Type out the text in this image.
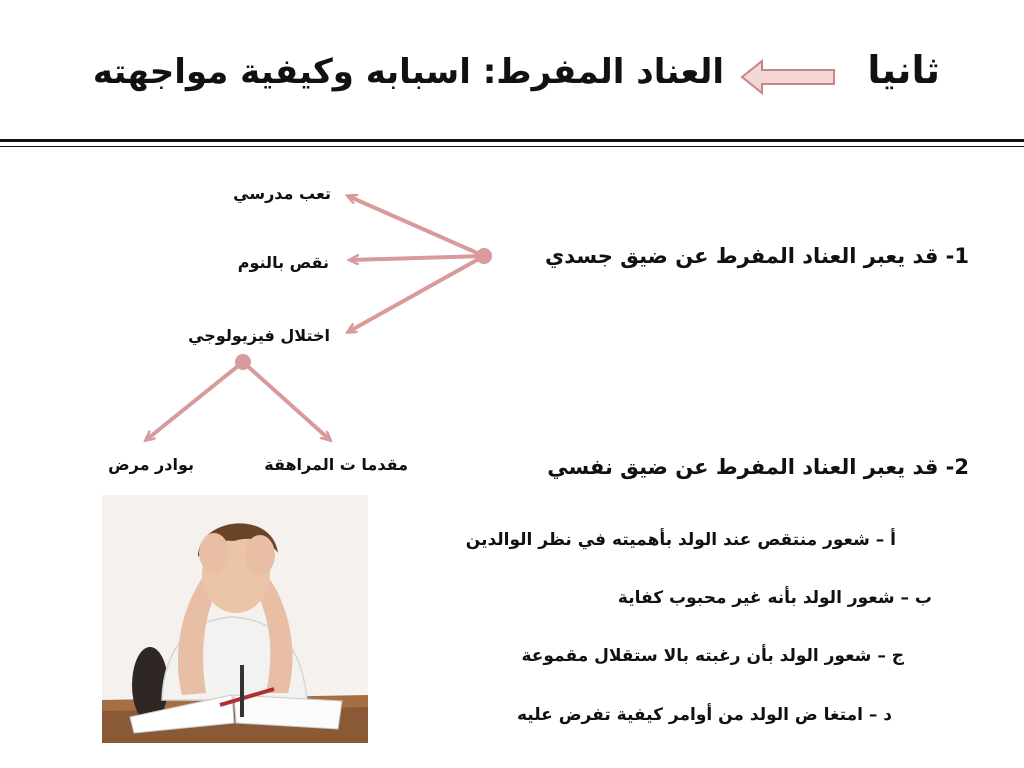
ثانيا
العناد المفرط: اسبابه وكيفية مواجهته
1- قد يعبر العناد المفرط عن ضيق جسدي
تعب مدرسي
نقص بالنوم
اختلال فيزيولوجي
مقدما ت المراهقة
بوادر مرض	2- قد يعبر العناد المفرط عن ضيق نفسي
أ – شعور منتقص عند الولد بأهميته في نظر الوالدين
ب – شعور الولد بأنه غير محبوب كفاية
ج – شعور الولد بأن رغبته بالا ستقلال مقموعة
د – امتغا ض الولد من أوامر كيفية تفرض عليه
